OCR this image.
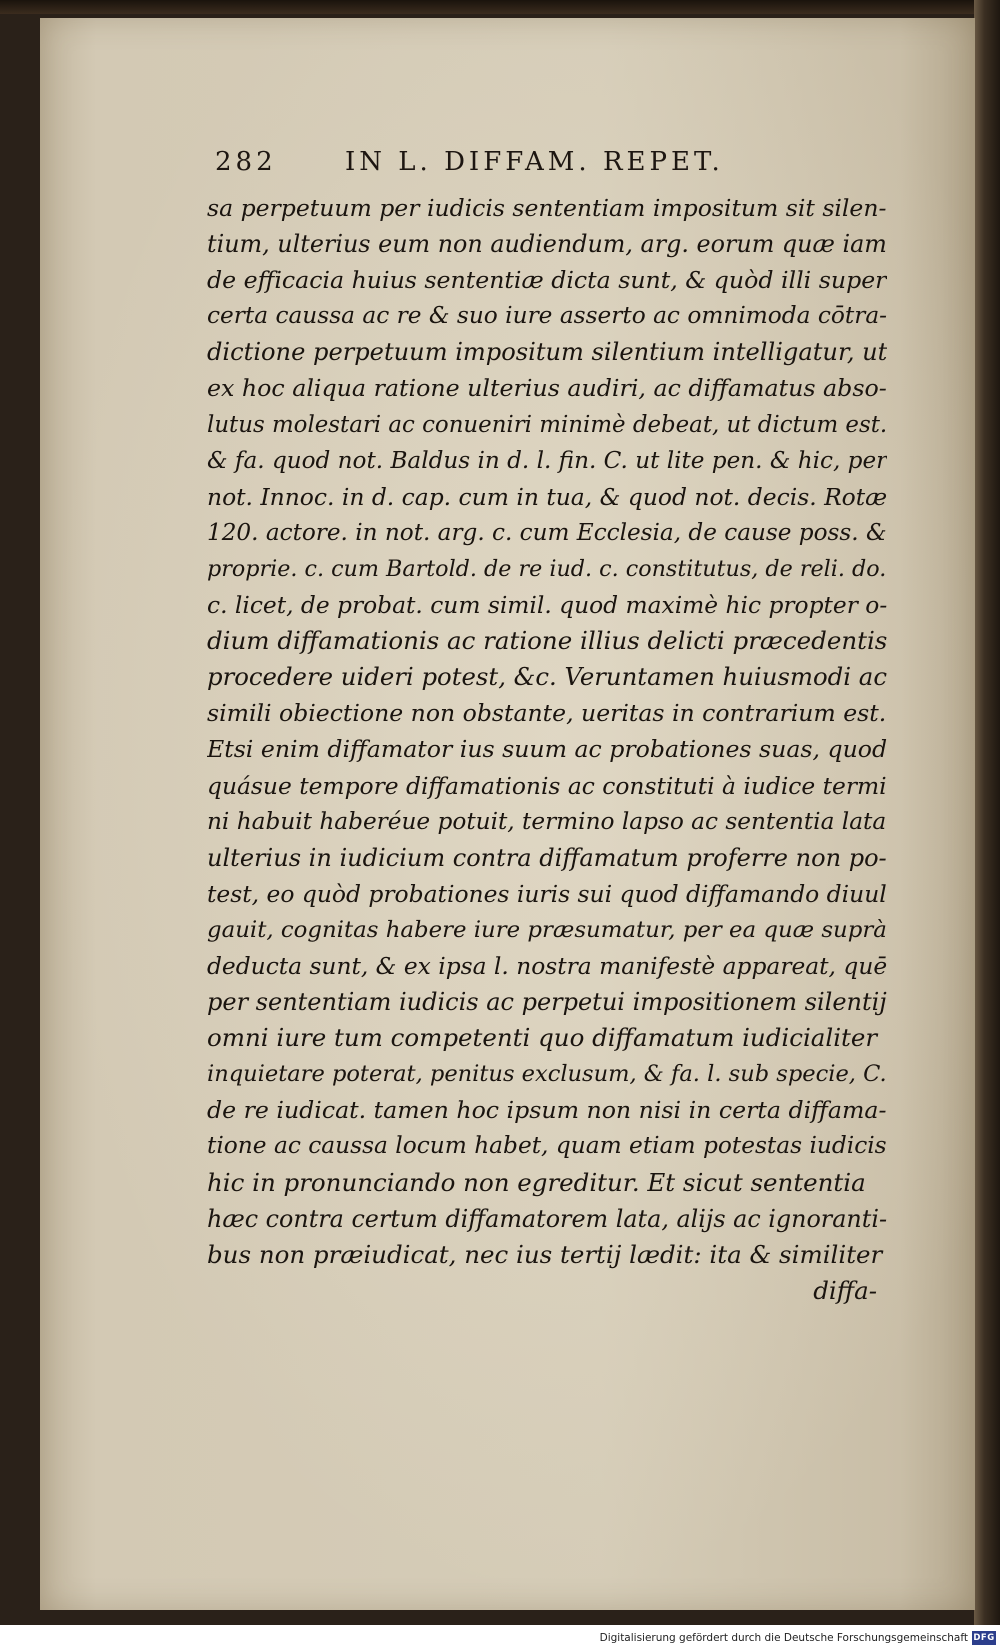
282	IN L. DIFFAM. REPET.
sa perpetuum per iudicis sententiam impositum sit silen-
tium, ulterius eum non audiendum, arg. eorum quæ iam
de efficacia huius sententiæ dicta sunt, & quòd illi super
certa caussa ac re & suo iure asserto ac omnimoda cōtra-
dictione perpetuum impositum silentium intelligatur, ut
ex hoc aliqua ratione ulterius audiri, ac diffamatus abso-
lutus molestari ac conueniri minimè debeat, ut dictum est.
& fa. quod not. Baldus in d. l. fin. C. ut lite pen. & hic, per
not. Innoc. in d. cap. cum in tua, & quod not. decis. Rotæ
120. actore. in not. arg. c. cum Ecclesia, de cause poss. &
proprie. c. cum Bartold. de re iud. c. constitutus, de reli. do.
c. licet, de probat. cum simil. quod maximè hic propter o-
dium diffamationis ac ratione illius delicti præcedentis
procedere uideri potest, &c. Veruntamen huiusmodi ac
simili obiectione non obstante, ueritas in contrarium est.
Etsi enim diffamator ius suum ac probationes suas, quod
quásue tempore diffamationis ac constituti à iudice termi
ni habuit haberéue potuit, termino lapso ac sententia lata
ulterius in iudicium contra diffamatum proferre non po-
test, eo quòd probationes iuris sui quod diffamando diuul
gauit, cognitas habere iure præsumatur, per ea quæ suprà
deducta sunt, & ex ipsa l. nostra manifestè appareat, quē
per sententiam iudicis ac perpetui impositionem silentij
omni iure tum competenti quo diffamatum iudicialiter
inquietare poterat, penitus exclusum, & fa. l. sub specie, C.
de re iudicat. tamen hoc ipsum non nisi in certa diffama-
tione ac caussa locum habet, quam etiam potestas iudicis
hic in pronunciando non egreditur. Et sicut sententia
hæc contra certum diffamatorem lata, alijs ac ignoranti-
bus non præiudicat, nec ius tertij lædit: ita & similiter
diffa-
Digitalisierung gefördert durch die Deutsche Forschungsgemeinschaft DFG
